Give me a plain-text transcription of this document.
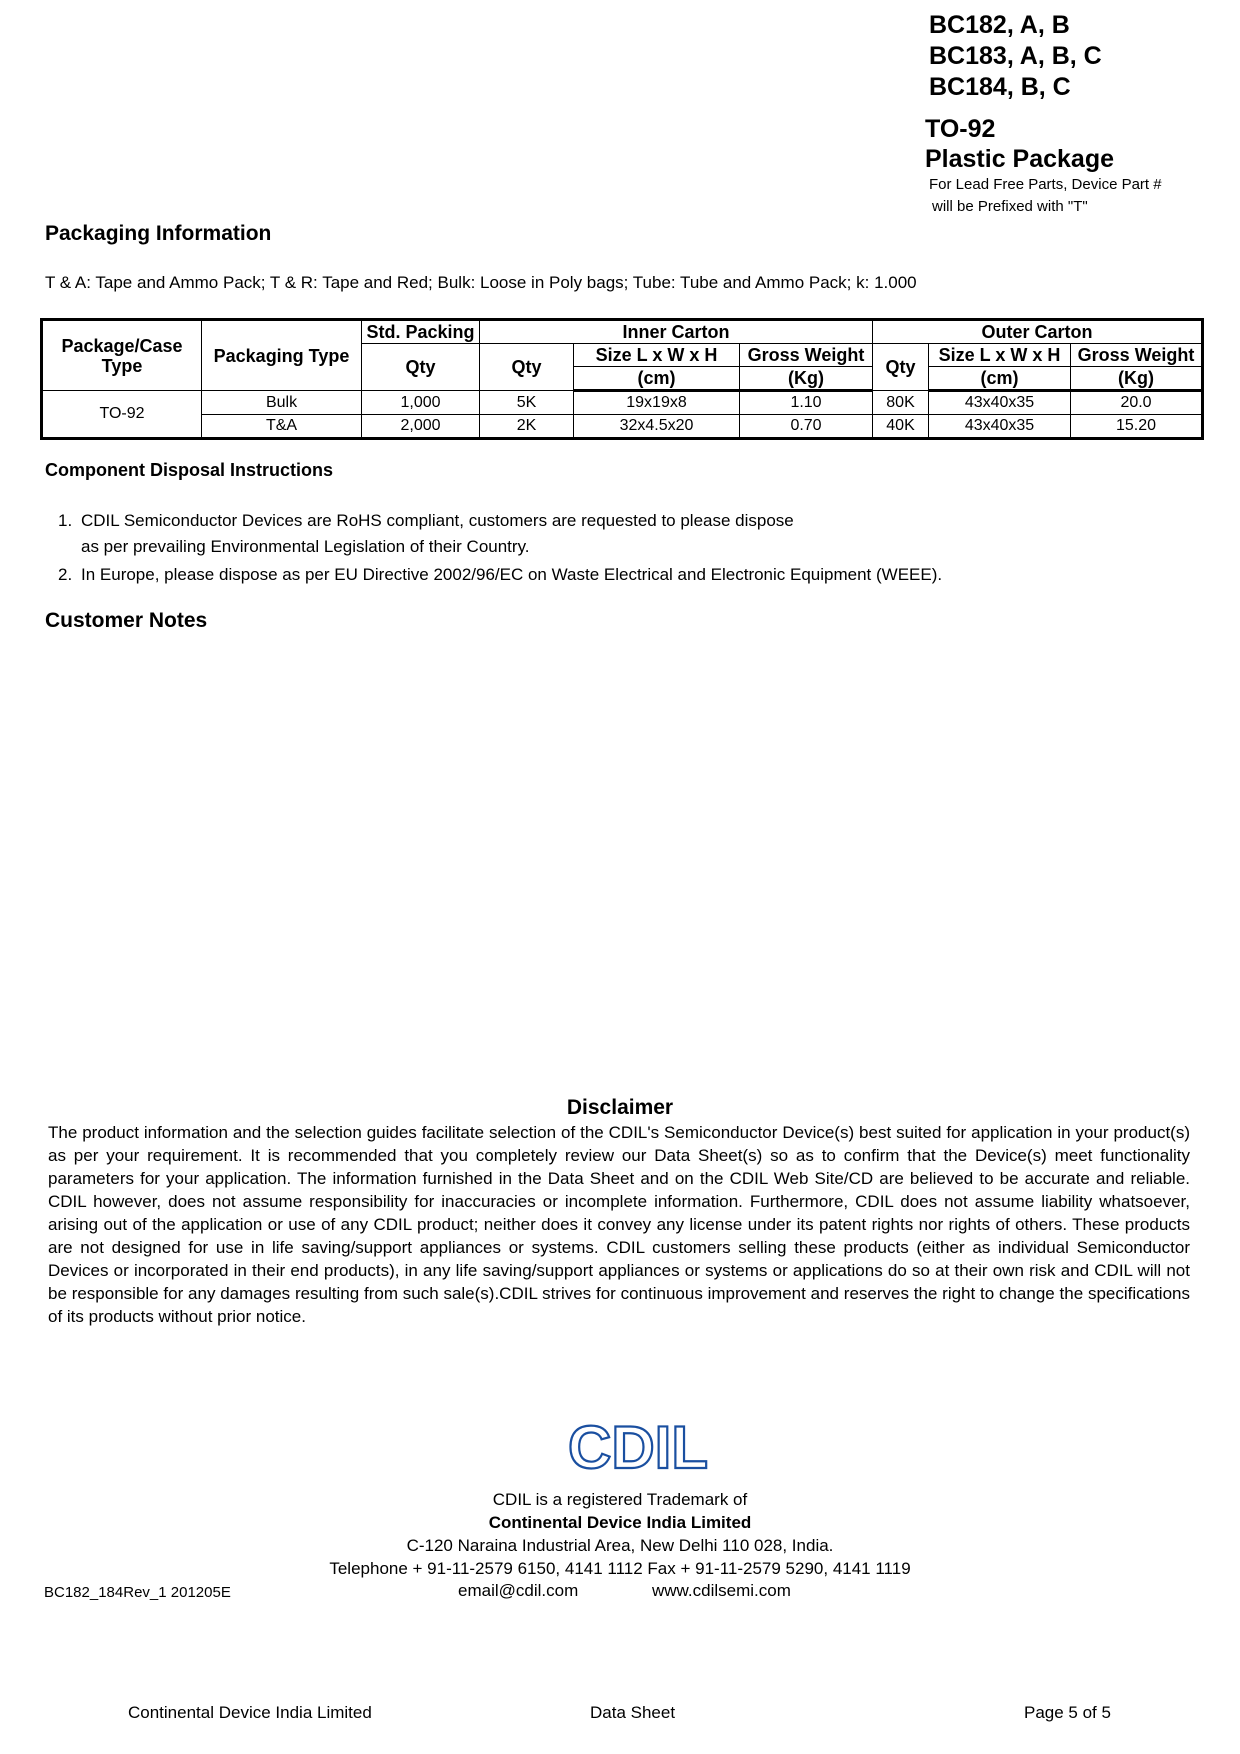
BC182, A, B
BC183, A, B, C
BC184, B, C
TO-92
Plastic Package
For Lead Free Parts, Device Part #
will be Prefixed with "T"
Packaging Information
T & A: Tape and Ammo Pack; T & R: Tape and Red; Bulk: Loose in Poly bags; Tube: Tube and Ammo Pack; k: 1.000
Package/Case Type	Packaging Type	Std. Packing	Inner Carton			Outer Carton		
		Qty	Qty	Size L x W x H	Gross Weight	Qty	Size L x W x H	Gross Weight
				(cm)	(Kg)		(cm)	(Kg)
TO-92	Bulk	1,000	5K	19x19x8	1.10	80K	43x40x35	20.0
	T&A	2,000	2K	32x4.5x20	0.70	40K	43x40x35	15.20
Component Disposal Instructions
1. CDIL Semiconductor Devices are RoHS compliant, customers are requested to please dispose
as per prevailing Environmental Legislation of their Country.
2. In Europe, please dispose as per EU Directive 2002/96/EC on Waste Electrical and Electronic Equipment (WEEE).
Customer Notes
Disclaimer
The product information and the selection guides facilitate selection of the CDIL's Semiconductor Device(s) best suited for application in your product(s) as per your requirement. It is recommended that you completely review our Data Sheet(s) so as to confirm that the Device(s) meet functionality parameters for your application. The information furnished in the Data Sheet and on the CDIL Web Site/CD are believed to be accurate and reliable. CDIL however, does not assume responsibility for inaccuracies or incomplete information. Furthermore, CDIL does not assume liability whatsoever, arising out of the application or use of any CDIL product; neither does it convey any license under its patent rights nor rights of others. These products are not designed for use in life saving/support appliances or systems. CDIL customers selling these products (either as individual Semiconductor Devices or incorporated in their end products), in any life saving/support appliances or systems or applications do so at their own risk and CDIL will not be responsible for any damages resulting from such sale(s).CDIL strives for continuous improvement and reserves the right to change the specifications of its products without prior notice.
CDIL
CDIL is a registered Trademark of
Continental Device India Limited
C-120 Naraina Industrial Area, New Delhi 110 028, India.
Telephone + 91-11-2579 6150, 4141 1112 Fax + 91-11-2579 5290, 4141 1119
email@cdil.com	www.cdilsemi.com
BC182_184Rev_1 201205E
Continental Device India Limited	Data Sheet	Page 5 of 5
